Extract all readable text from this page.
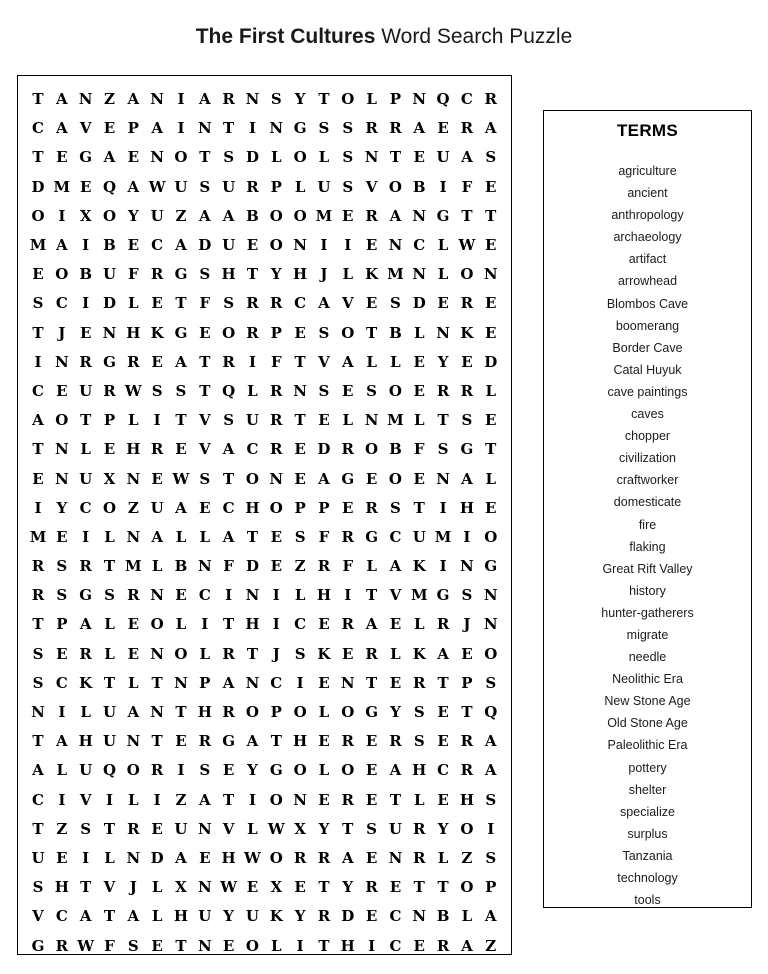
The First Cultures Word Search Puzzle
T A N Z A N I A R N S Y T O L P N Q C R
C A V E P A I N T I N G S S R R A E R A
T E G A E N O T S D L O L S N T E U A S
D M E Q A W U S U R P L U S V O B I F E
O I X O Y U Z A A B O O M E R A N G T T
M A I B E C A D U E O N I	I E N C L W E
E O B U F R G S H T Y H J	L K M N L O N
S C I D L E T F S R R C A V E S D E R E
T J E N H K G E O R P E S O T B L N K E
I N R G R E A T R I F T V A L L E Y E D
C E U R W S S T Q L R N S E S O E R R L
A O T P L	I T V S U R T E L N M L T S E
T N L E H R E V A C R E D R O B F S G T
E N U X N E W S T O N E A G E O E N A L
I Y C O Z U A E C H O P P E R S T I H E
M E I	L N A L L A T E S F R G C U M I O
R S R T M L B N F D E Z R F L A K I N G
R S G S R N E C I N I	L H I T V M G S N
T P A L E O L	I T H I C E R A E L R J N
S E R L E N O L R T J S K E R L K A E O
S C K T L T N P A N C I E N T E R T P S
N I	L U A N T H R O P O L O G Y S E T Q
T A H U N T E R G A T H E R E R S E R A
A L U Q O R I S E Y G O L O E A H C R A
C I V I	L	I Z A T I O N E R E T L E H S
T Z S T R E U N V L W X Y T S U R Y O I
U E I	L N D A E H W O R R A E N R L Z S
S H T V J	L X N W E X E T Y R E T T O P
V C A T A L H U Y U K Y R D E C N B L A
G R W F S E T N E O L	I T H I C E R A Z
TERMS
agriculture
ancient
anthropology
archaeology
artifact
arrowhead
Blombos Cave
boomerang
Border Cave
Catal Huyuk
cave paintings
caves
chopper
civilization
craftworker
domesticate
fire
flaking
Great Rift Valley
history
hunter-gatherers
migrate
needle
Neolithic Era
New Stone Age
Old Stone Age
Paleolithic Era
pottery
shelter
specialize
surplus
Tanzania
technology
tools
